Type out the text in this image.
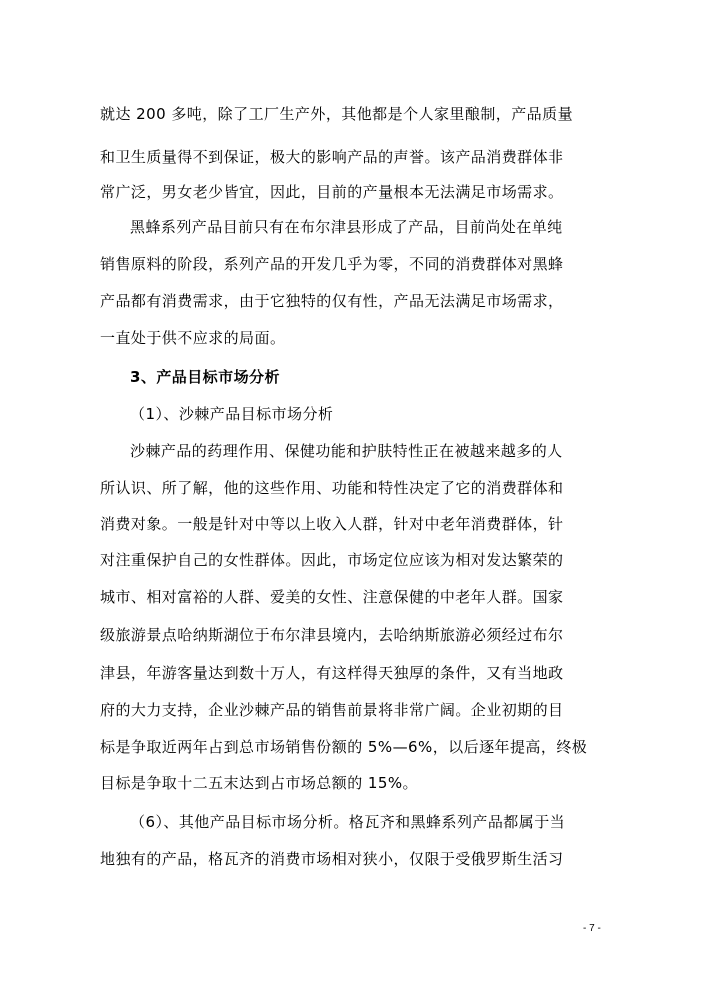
就达 200 多吨，除了工厂生产外，其他都是个人家里酿制，产品质量
和卫生质量得不到保证，极大的影响产品的声誉。该产品消费群体非
常广泛，男女老少皆宜，因此，目前的产量根本无法满足市场需求。
黑蜂系列产品目前只有在布尔津县形成了产品，目前尚处在单纯
销售原料的阶段，系列产品的开发几乎为零，不同的消费群体对黑蜂
产品都有消费需求，由于它独特的仅有性，产品无法满足市场需求，
一直处于供不应求的局面。
3、产品目标市场分析
（1）、沙棘产品目标市场分析
沙棘产品的药理作用、保健功能和护肤特性正在被越来越多的人
所认识、所了解，他的这些作用、功能和特性决定了它的消费群体和
消费对象。一般是针对中等以上收入人群，针对中老年消费群体，针
对注重保护自己的女性群体。因此，市场定位应该为相对发达繁荣的
城市、相对富裕的人群、爱美的女性、注意保健的中老年人群。国家
级旅游景点哈纳斯湖位于布尔津县境内，去哈纳斯旅游必须经过布尔
津县，年游客量达到数十万人，有这样得天独厚的条件，又有当地政
府的大力支持，企业沙棘产品的销售前景将非常广阔。企业初期的目
标是争取近两年占到总市场销售份额的 5%—6%，以后逐年提高，终极
目标是争取十二五末达到占市场总额的 15%。
（6）、其他产品目标市场分析。格瓦齐和黑蜂系列产品都属于当
地独有的产品，格瓦齐的消费市场相对狭小，仅限于受俄罗斯生活习
- 7 -
